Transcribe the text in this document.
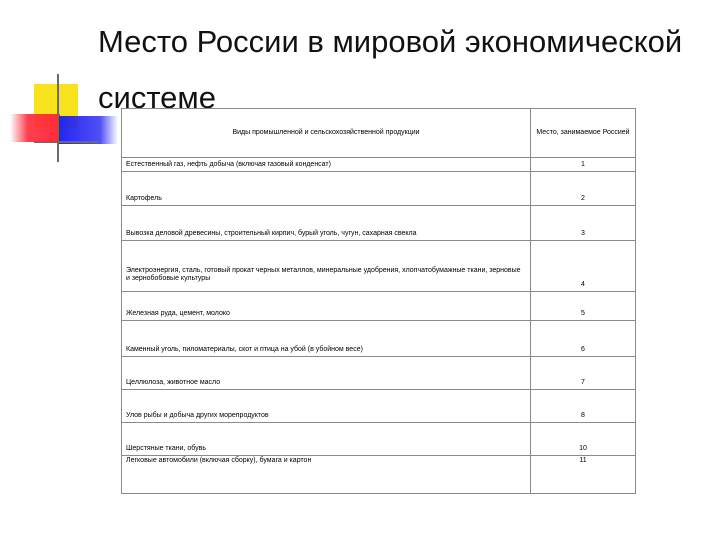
Место России в мировой экономической системе
Виды промышленной и сельскохозяйственной продукции	Место, занимаемое Россией
Естественный газ, нефть добыча (включая газовый конденсат)	1
Картофель	2
Вывозка деловой древесины, строительный кирпич, бурый уголь, чугун, сахарная свекла	3
Электроэнергия, сталь, готовый прокат черных металлов, минеральные удобрения, хлопчатобумажные ткани, зерновые и зернобобовые культуры	4
Железная руда, цемент, молоко	5
Каменный уголь, пиломатериалы, скот и птица на убой (в убойном весе)	6
Целлюлоза, животное масло	7
Улов рыбы и добыча других морепродуктов	8
Шерстяные ткани, обувь	10
Легковые автомобили (включая сборку), бумага и картон	11
